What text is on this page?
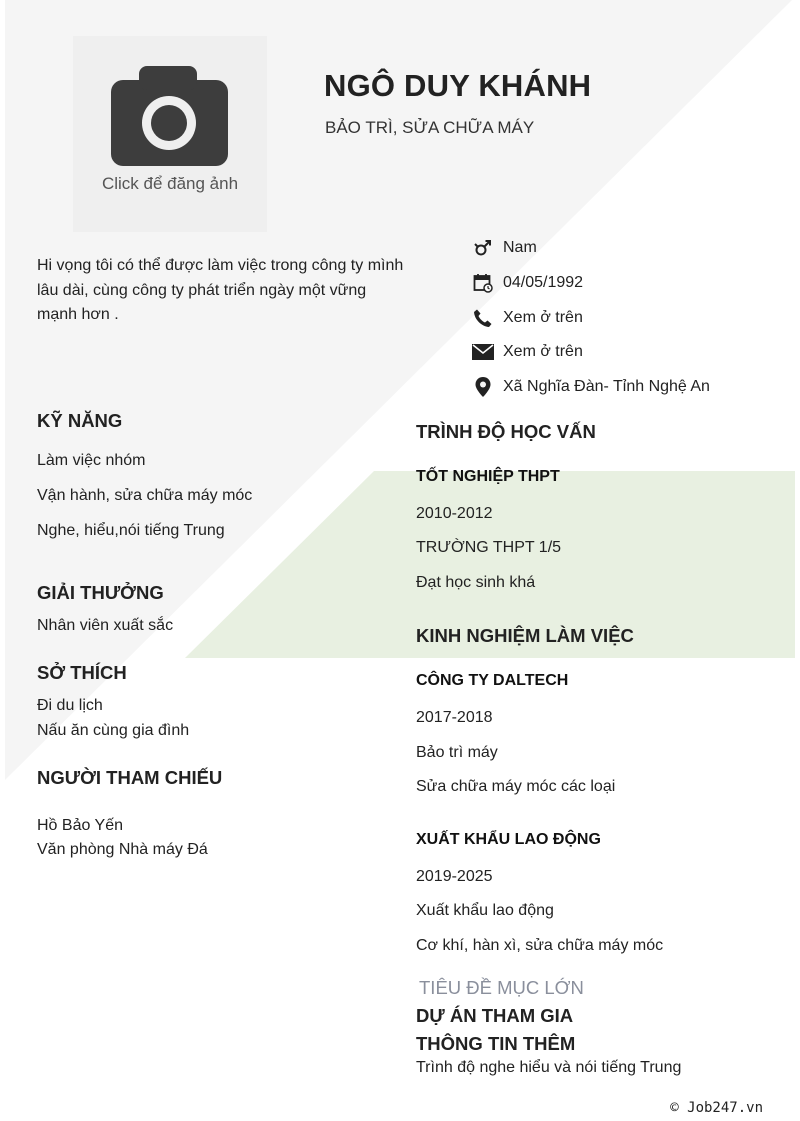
Click để đăng ảnh
NGÔ DUY KHÁNH
BẢO TRÌ, SỬA CHỮA MÁY
Hi vọng tôi có thể được làm việc trong công ty mình lâu dài, cùng công ty phát triển ngày một vững mạnh hơn .
Nam
04/05/1992
Xem ở trên
Xem ở trên
Xã Nghĩa Đàn- Tỉnh Nghệ An
KỸ NĂNG
Làm việc nhóm
Vận hành, sửa chữa máy móc
Nghe, hiểu,nói tiếng Trung
GIẢI THƯỞNG
Nhân viên xuất sắc
SỞ THÍCH
Đi du lịch
Nấu ăn cùng gia đình
NGƯỜI THAM CHIẾU
Hồ Bảo Yến
Văn phòng Nhà máy Đá
TRÌNH ĐỘ HỌC VẤN
TỐT NGHIỆP THPT
2010-2012
TRƯỜNG THPT 1/5
Đạt học sinh khá
KINH NGHIỆM LÀM VIỆC
CÔNG TY DALTECH
2017-2018
Bảo trì máy
Sửa chữa máy móc các loại
XUẤT KHẨU LAO ĐỘNG
2019-2025
Xuất khẩu lao động
Cơ khí, hàn xì, sửa chữa máy móc
TIÊU ĐỀ MỤC LỚN
DỰ ÁN THAM GIA
THÔNG TIN THÊM
Trình độ nghe hiểu và nói tiếng Trung
© Job247.vn
